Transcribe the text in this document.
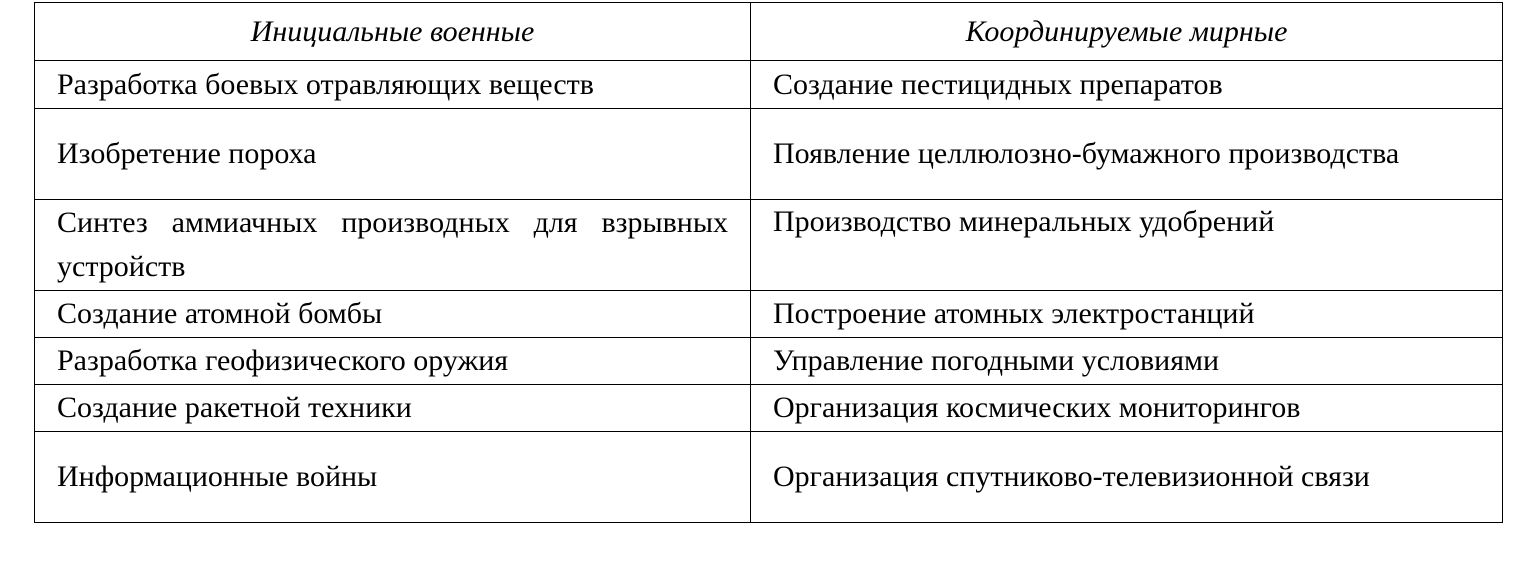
Инициальные военные	Координируемые мирные
Разработка боевых отравляющих веществ	Создание пестицидных препаратов
Изобретение пороха	Появление целлюлозно-бумажного производства
Синтез аммиачных производных для взрывных устройств	Производство минеральных удобрений
Создание атомной бомбы	Построение атомных электростанций
Разработка геофизического оружия	Управление погодными условиями
Создание ракетной техники	Организация космических мониторингов
Информационные войны	Организация спутниково-телевизионной связи
